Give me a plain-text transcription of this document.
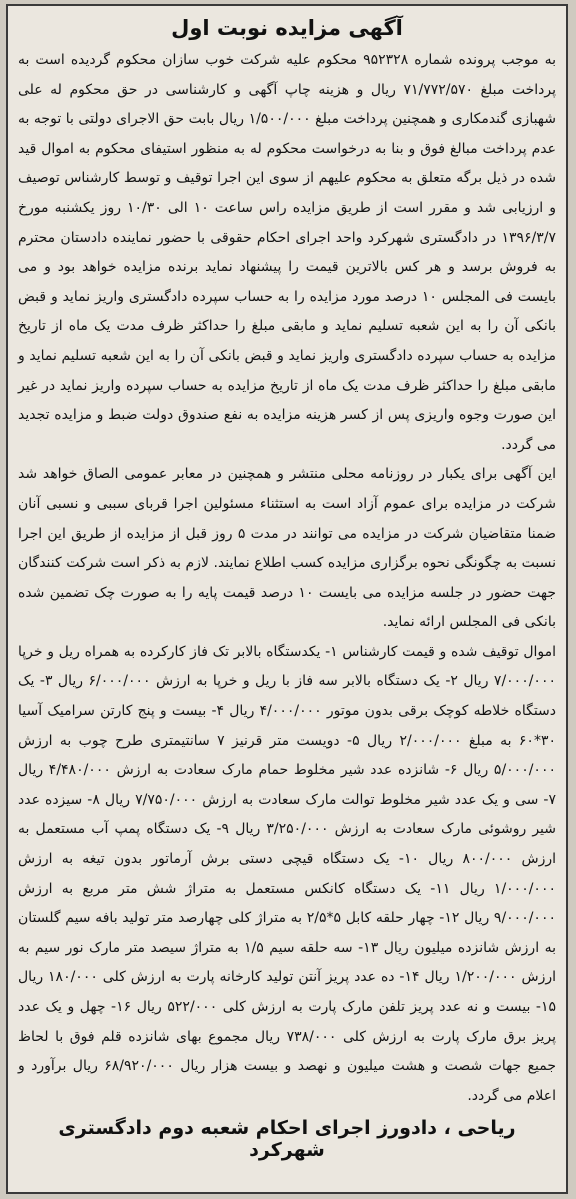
آگهی مزایده نوبت اول

به موجب پرونده شماره ۹۵۲۳۲۸ محکوم علیه شرکت خوب سازان محکوم گردیده است به پرداخت مبلغ ۷۱/۷۷۲/۵۷۰ ریال و هزینه چاپ آگهی و کارشناسی در حق محکوم له علی شهبازی گندمکاری و همچنین پرداخت مبلغ ۱/۵۰۰/۰۰۰ ریال بابت حق الاجرای دولتی با توجه به عدم پرداخت مبالغ فوق و بنا به درخواست محکوم له به منظور استیفای محکوم به اموال قید شده در ذیل برگه متعلق به محکوم علیهم از سوی این اجرا توقیف و توسط کارشناس توصیف و ارزیابی شد و مقرر است از طریق مزایده راس ساعت ۱۰ الی ۱۰/۳۰ روز یکشنبه مورخ ۱۳۹۶/۳/۷ در دادگستری شهرکرد واحد اجرای احکام حقوقی با حضور نماینده دادستان محترم به فروش برسد و هر کس بالاترین قیمت را پیشنهاد نماید برنده مزایده خواهد بود و می بایست فی المجلس ۱۰ درصد مورد مزایده را به حساب سپرده دادگستری واریز نماید و قبض بانکی آن را به این شعبه تسلیم نماید و مابقی مبلغ را حداکثر ظرف مدت یک ماه از تاریخ مزایده به حساب سپرده دادگستری واریز نماید و قبض بانکی آن را به این شعبه تسلیم نماید و مابقی مبلغ را حداکثر ظرف مدت یک ماه از تاریخ مزایده به حساب سپرده واریز نماید در غیر این صورت وجوه واریزی پس از کسر هزینه مزایده به نفع صندوق دولت ضبط و مزایده تجدید می گردد.

این آگهی برای یکبار در روزنامه محلی منتشر و همچنین در معابر عمومی الصاق خواهد شد شرکت در مزایده برای عموم آزاد است به استثناء مسئولین اجرا قربای سببی و نسبی آنان ضمنا متقاضیان شرکت در مزایده می توانند در مدت ۵ روز قبل از مزایده از طریق این اجرا نسبت به چگونگی نحوه برگزاری مزایده کسب اطلاع نمایند. لازم به ذکر است شرکت کنندگان جهت حضور در جلسه مزایده می بایست ۱۰ درصد قیمت پایه را به صورت چک تضمین شده بانکی فی المجلس ارائه نماید.

اموال توقیف شده و قیمت کارشناس ۱- یکدستگاه بالابر تک فاز کارکرده به همراه ریل و خرپا ۷/۰۰۰/۰۰۰ ریال ۲- یک دستگاه بالابر سه فاز با ریل و خرپا به ارزش ۶/۰۰۰/۰۰۰ ریال ۳- یک دستگاه خلاطه کوچک برقی بدون موتور ۴/۰۰۰/۰۰۰ ریال ۴- بیست و پنج کارتن سرامیک آسیا ۳۰*۶۰ به مبلغ ۲/۰۰۰/۰۰۰ ریال ۵- دویست متر قرنیز ۷ سانتیمتری طرح چوب به ارزش ۵/۰۰۰/۰۰۰ ریال ۶- شانزده عدد شیر مخلوط حمام مارک سعادت به ارزش ۴/۴۸۰/۰۰۰ ریال ۷- سی و یک عدد شیر مخلوط توالت مارک سعادت به ارزش ۷/۷۵۰/۰۰۰ ریال ۸- سیزده عدد شیر روشوئی مارک سعادت به ارزش ۳/۲۵۰/۰۰۰ ریال ۹- یک دستگاه پمپ آب مستعمل به ارزش ۸۰۰/۰۰۰ ریال ۱۰- یک دستگاه قیچی دستی برش آرماتور بدون تیغه به ارزش ۱/۰۰۰/۰۰۰ ریال ۱۱- یک دستگاه کانکس مستعمل به متراژ شش متر مربع به ارزش ۹/۰۰۰/۰۰۰ ریال ۱۲- چهار حلقه کابل ۵*۲/۵ به متراژ کلی چهارصد متر تولید بافه سیم گلستان به ارزش شانزده میلیون ریال ۱۳- سه حلقه سیم ۱/۵ به متراژ سیصد متر مارک نور سیم به ارزش ۱/۲۰۰/۰۰۰ ریال ۱۴- ده عدد پریز آنتن تولید کارخانه پارت به ارزش کلی ۱۸۰/۰۰۰ ریال ۱۵- بیست و نه عدد پریز تلفن مارک پارت به ارزش کلی ۵۲۲/۰۰۰ ریال ۱۶- چهل و یک عدد پریز برق مارک پارت به ارزش کلی ۷۳۸/۰۰۰ ریال مجموع بهای شانزده قلم فوق با لحاظ جمیع جهات شصت و هشت میلیون و نهصد و بیست هزار ریال ۶۸/۹۲۰/۰۰۰ ریال برآورد و اعلام می گردد.

ریاحی ، دادورز اجرای احکام شعبه دوم دادگستری شهرکرد
